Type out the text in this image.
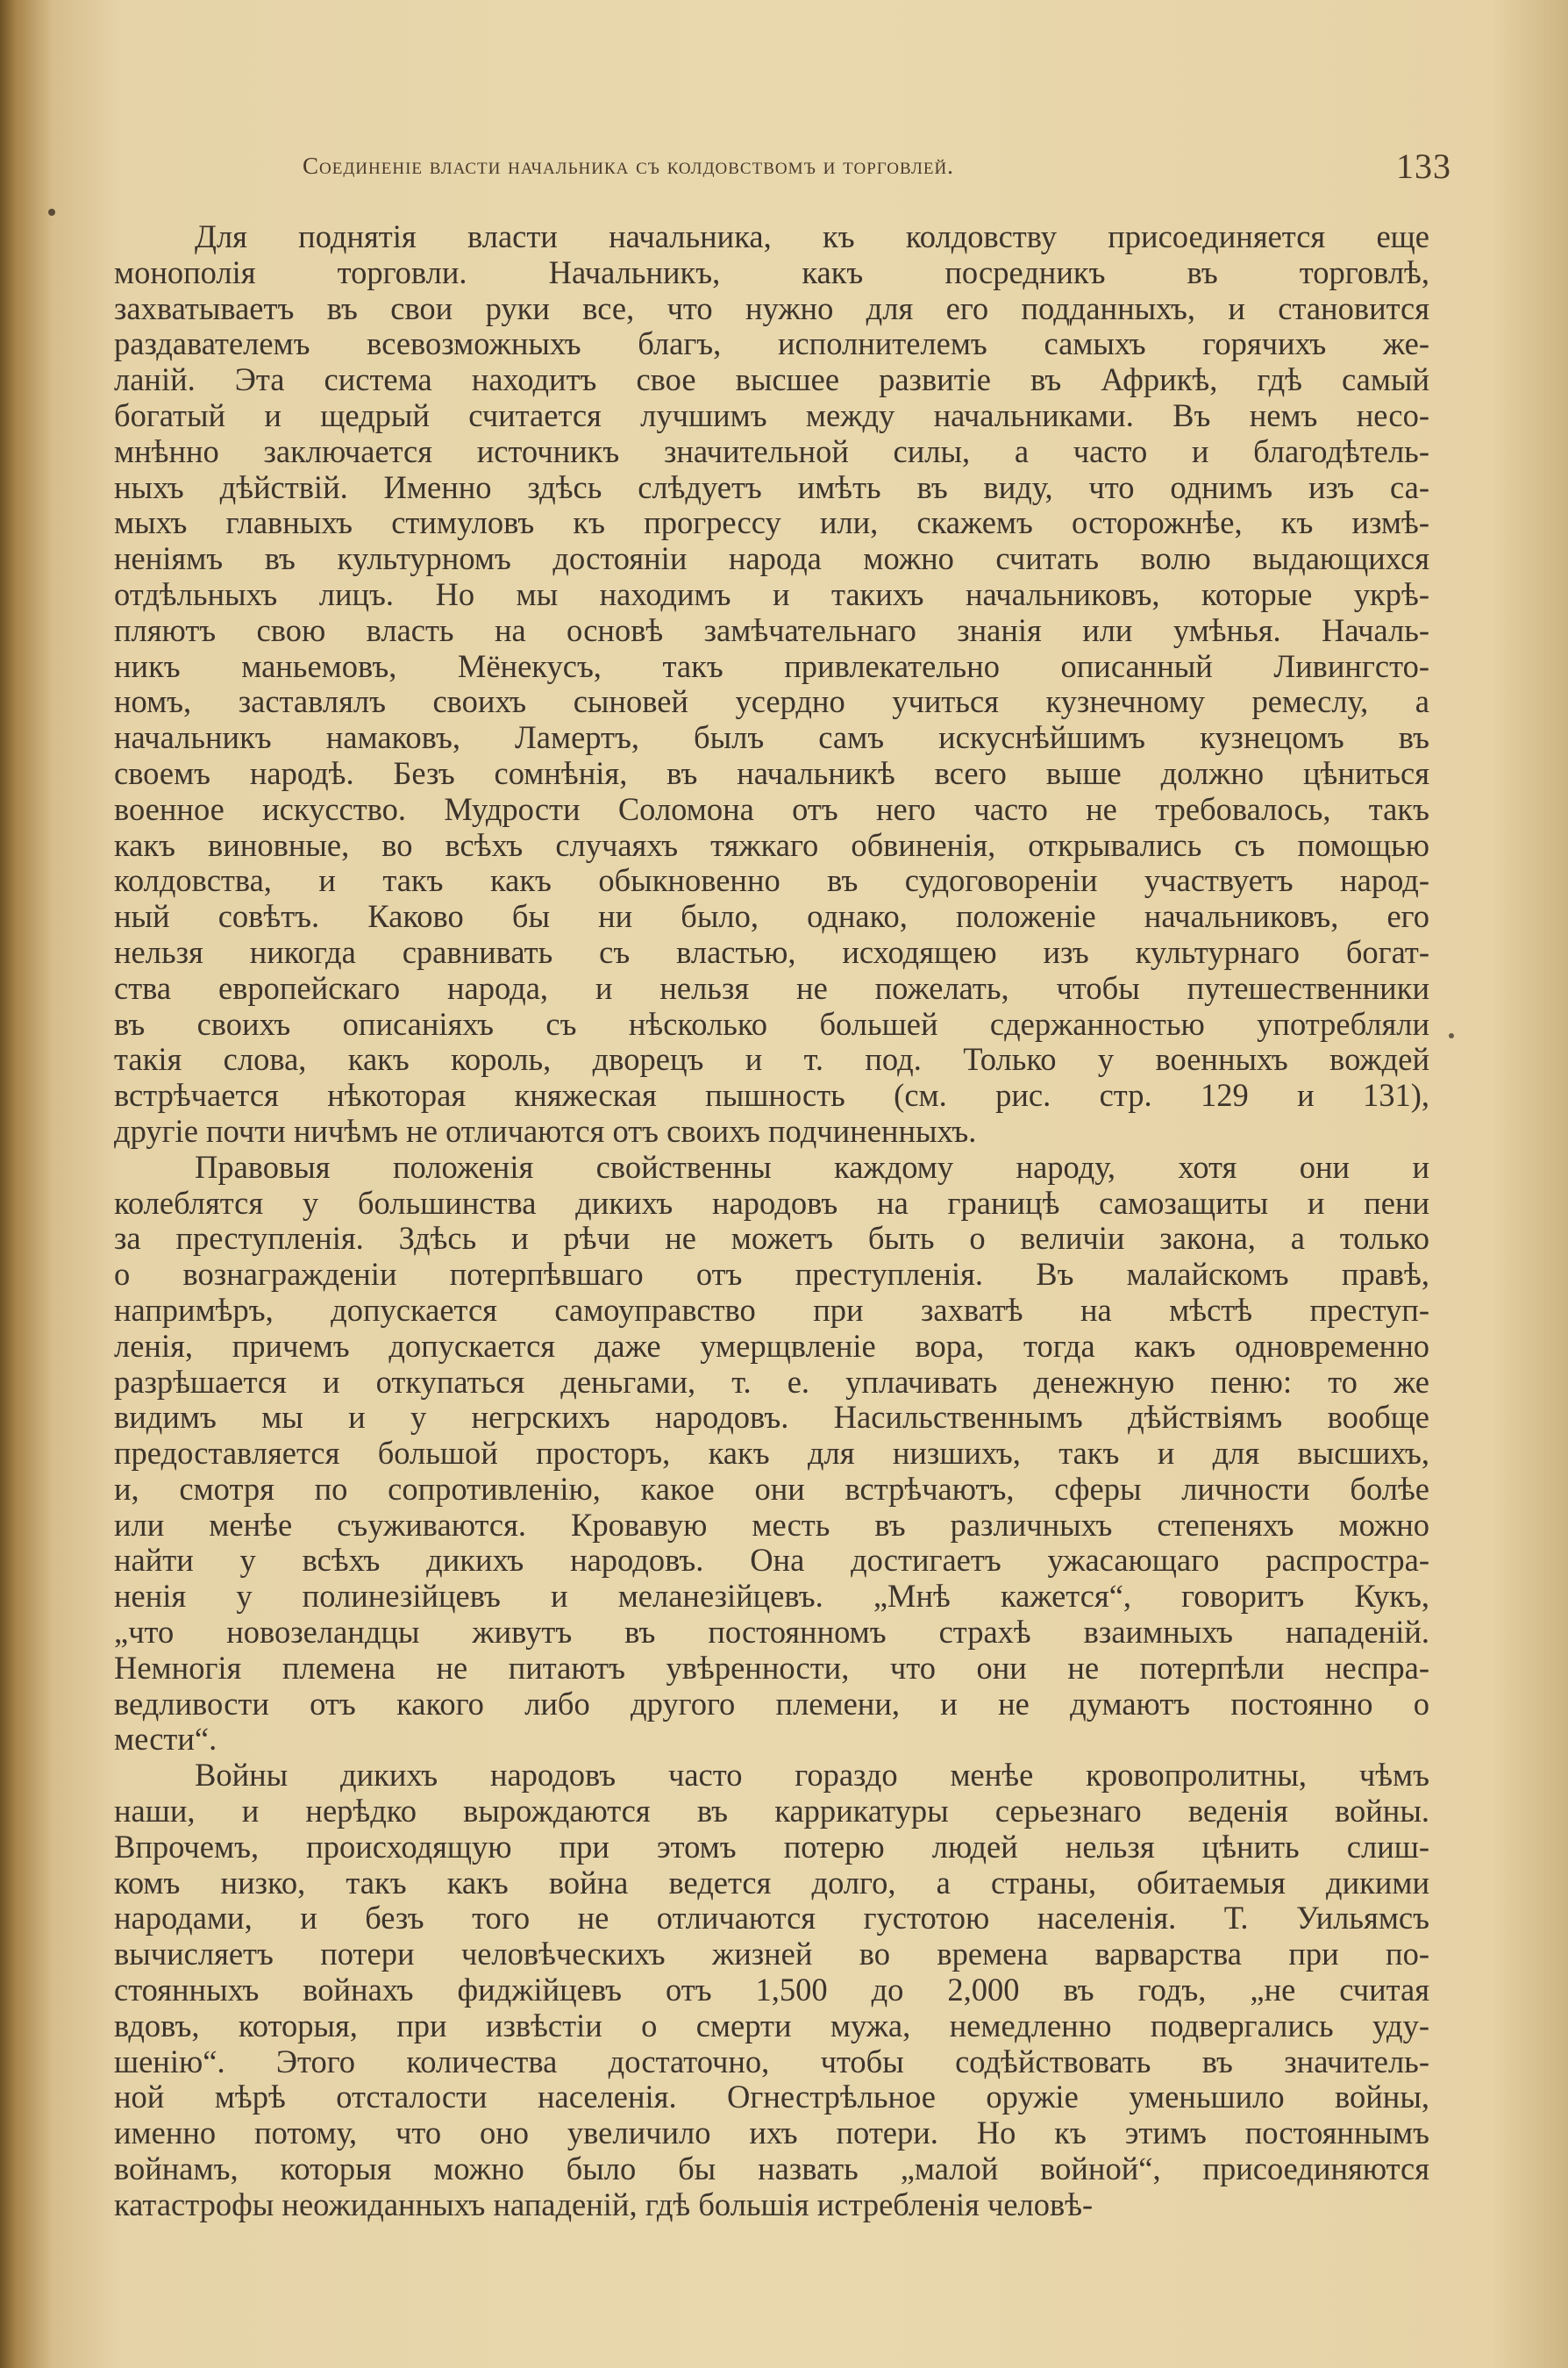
Соединеніе власти начальника съ колдовствомъ и торговлей.	133
Для поднятія власти начальника, къ колдовству присоединяется еще
монополія торговли. Начальникъ, какъ посредникъ въ торговлѣ,
захватываетъ въ свои руки все, что нужно для его подданныхъ, и становится
раздавателемъ всевозможныхъ благъ, исполнителемъ самыхъ горячихъ же-
ланій. Эта система находитъ свое высшее развитіе въ Африкѣ, гдѣ самый
богатый и щедрый считается лучшимъ между начальниками. Въ немъ несо-
мнѣнно заключается источникъ значительной силы, а часто и благодѣтель-
ныхъ дѣйствій. Именно здѣсь слѣдуетъ имѣть въ виду, что однимъ изъ са-
мыхъ главныхъ стимуловъ къ прогрессу или, скажемъ осторожнѣе, къ измѣ-
неніямъ въ культурномъ достояніи народа можно считать волю выдающихся
отдѣльныхъ лицъ. Но мы находимъ и такихъ начальниковъ, которые укрѣ-
пляютъ свою власть на основѣ замѣчательнаго знанія или умѣнья. Началь-
никъ маньемовъ, Мёнекусъ, такъ привлекательно описанный Ливингсто-
номъ, заставлялъ своихъ сыновей усердно учиться кузнечному ремеслу, а
начальникъ намаковъ, Ламертъ, былъ самъ искуснѣйшимъ кузнецомъ въ
своемъ народѣ. Безъ сомнѣнія, въ начальникѣ всего выше должно цѣниться
военное искусство. Мудрости Соломона отъ него часто не требовалось, такъ
какъ виновные, во всѣхъ случаяхъ тяжкаго обвиненія, открывались съ помощью
колдовства, и такъ какъ обыкновенно въ судоговореніи участвуетъ народ-
ный совѣтъ. Каково бы ни было, однако, положеніе начальниковъ, его
нельзя никогда сравнивать съ властью, исходящею изъ культурнаго богат-
ства европейскаго народа, и нельзя не пожелать, чтобы путешественники
въ своихъ описаніяхъ съ нѣсколько большей сдержанностью употребляли
такія слова, какъ король, дворецъ и т. под. Только у военныхъ вождей
встрѣчается нѣкоторая княжеская пышность (см. рис. стр. 129 и 131),
другіе почти ничѣмъ не отличаются отъ своихъ подчиненныхъ.
Правовыя положенія свойственны каждому народу, хотя они и
колеблятся у большинства дикихъ народовъ на границѣ самозащиты и пени
за преступленія. Здѣсь и рѣчи не можетъ быть о величіи закона, а только
о вознагражденіи потерпѣвшаго отъ преступленія. Въ малайскомъ правѣ,
напримѣръ, допускается самоуправство при захватѣ на мѣстѣ преступ-
ленія, причемъ допускается даже умерщвленіе вора, тогда какъ одновременно
разрѣшается и откупаться деньгами, т. е. уплачивать денежную пеню: то же
видимъ мы и у негрскихъ народовъ. Насильственнымъ дѣйствіямъ вообще
предоставляется большой просторъ, какъ для низшихъ, такъ и для высшихъ,
и, смотря по сопротивленію, какое они встрѣчаютъ, сферы личности болѣе
или менѣе съуживаются. Кровавую месть въ различныхъ степеняхъ можно
найти у всѣхъ дикихъ народовъ. Она достигаетъ ужасающаго распростра-
ненія у полинезійцевъ и меланезійцевъ. „Мнѣ кажется“, говоритъ Кукъ,
„что новозеландцы живутъ въ постоянномъ страхѣ взаимныхъ нападеній.
Немногія племена не питаютъ увѣренности, что они не потерпѣли неспра-
ведливости отъ какого либо другого племени, и не думаютъ постоянно о
мести“.
Войны дикихъ народовъ часто гораздо менѣе кровопролитны, чѣмъ
наши, и нерѣдко вырождаются въ каррикатуры серьезнаго веденія войны.
Впрочемъ, происходящую при этомъ потерю людей нельзя цѣнить слиш-
комъ низко, такъ какъ война ведется долго, а страны, обитаемыя дикими
народами, и безъ того не отличаются густотою населенія. Т. Уильямсъ
вычисляетъ потери человѣческихъ жизней во времена варварства при по-
стоянныхъ войнахъ фиджійцевъ отъ 1,500 до 2,000 въ годъ, „не считая
вдовъ, которыя, при извѣстіи о смерти мужа, немедленно подвергались уду-
шенію“. Этого количества достаточно, чтобы содѣйствовать въ значитель-
ной мѣрѣ отсталости населенія. Огнестрѣльное оружіе уменьшило войны,
именно потому, что оно увеличило ихъ потери. Но къ этимъ постояннымъ
войнамъ, которыя можно было бы назвать „малой войной“, присоединяются
катастрофы неожиданныхъ нападеній, гдѣ большія истребленія человѣ-
